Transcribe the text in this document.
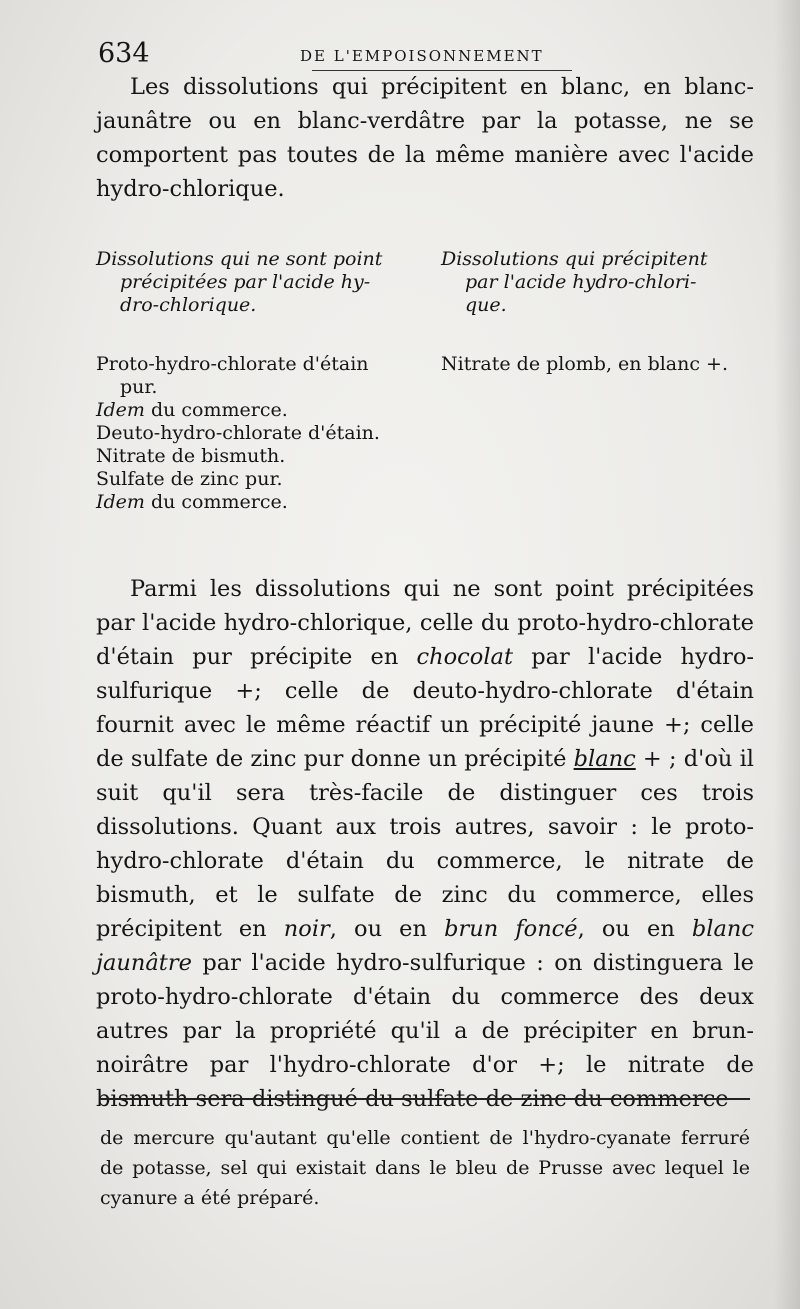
634	DE L'EMPOISONNEMENT

Les dissolutions qui précipitent en blanc, en blanc-jaunâtre ou en blanc-verdâtre par la potasse, ne se comportent pas toutes de la même manière avec l'acide hydro-chlorique.

Dissolutions qui ne sont point
précipitées par l'acide hy-
dro-chlorique.

Dissolutions qui précipitent
par l'acide hydro-chlori-
que.

Proto-hydro-chlorate d'étain
pur.
Idem du commerce.
Deuto-hydro-chlorate d'étain.
Nitrate de bismuth.
Sulfate de zinc pur.
Idem du commerce.

Nitrate de plomb, en blanc +.

Parmi les dissolutions qui ne sont point précipitées par l'acide hydro-chlorique, celle du proto-hydro-chlorate d'étain pur précipite en chocolat par l'acide hydro-sulfurique +; celle de deuto-hydro-chlorate d'étain fournit avec le même réactif un précipité jaune +; celle de sulfate de zinc pur donne un précipité blanc + ; d'où il suit qu'il sera très-facile de distinguer ces trois dissolutions. Quant aux trois autres, savoir : le proto-hydro-chlorate d'étain du commerce, le nitrate de bismuth, et le sulfate de zinc du commerce, elles précipitent en noir, ou en brun foncé, ou en blanc jaunâtre par l'acide hydro-sulfurique : on distinguera le proto-hydro-chlorate d'étain du commerce des deux autres par la propriété qu'il a de précipiter en brun-noirâtre par l'hydro-chlorate d'or +; le nitrate de bismuth sera distingué du sulfate de zinc du commerce

de mercure qu'autant qu'elle contient de l'hydro-cyanate ferruré de potasse, sel qui existait dans le bleu de Prusse avec lequel le cyanure a été préparé.
